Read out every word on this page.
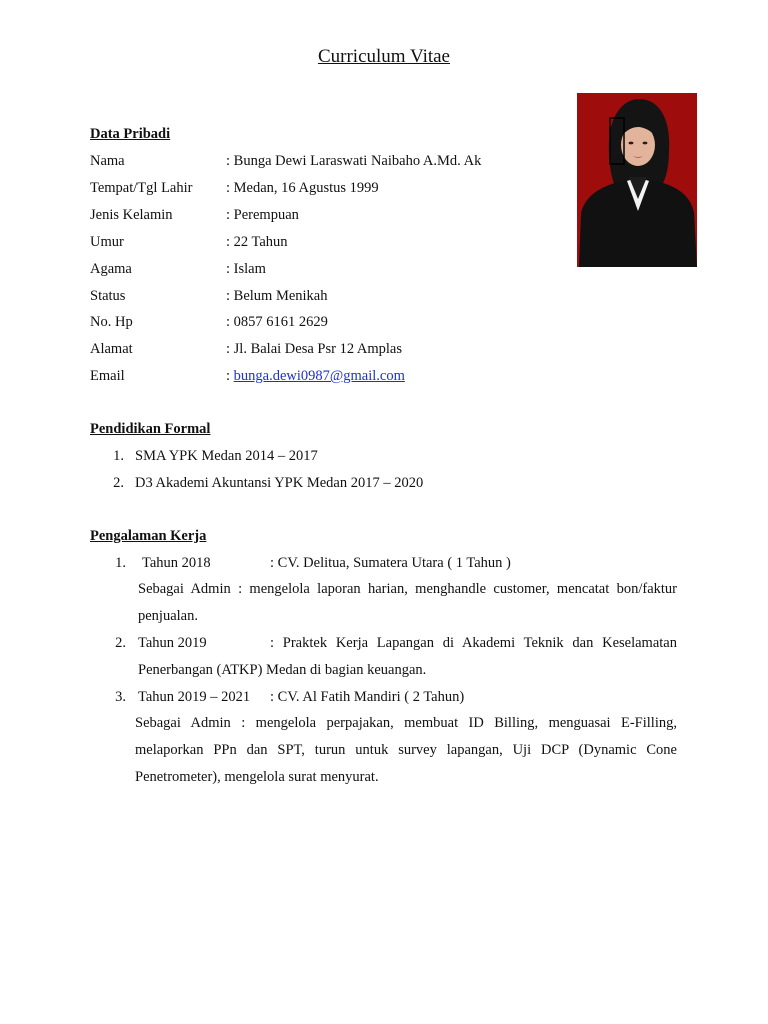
Curriculum Vitae
Data Pribadi
Nama	: Bunga Dewi Laraswati Naibaho A.Md. Ak
Tempat/Tgl Lahir : Medan, 16 Agustus 1999
Jenis Kelamin	: Perempuan
Umur	: 22 Tahun
Agama	: Islam
Status	: Belum Menikah
No. Hp	: 0857 6161 2629
Alamat	: Jl. Balai Desa Psr 12 Amplas
Email	: bunga.dewi0987@gmail.com
Pendidikan Formal
1. SMA YPK Medan 2014 – 2017
2. D3 Akademi Akuntansi YPK Medan 2017 – 2020
Pengalaman Kerja
1. Tahun 2018	: CV. Delitua, Sumatera Utara ( 1 Tahun )
Sebagai Admin : mengelola laporan harian, menghandle customer, mencatat bon/faktur penjualan.
2. Tahun 2019	: Praktek Kerja Lapangan di Akademi Teknik dan Keselamatan
Penerbangan (ATKP) Medan di bagian keuangan.
3. Tahun 2019 – 2021 : CV. Al Fatih Mandiri ( 2 Tahun)
Sebagai Admin : mengelola perpajakan, membuat ID Billing, menguasai E-Filling, melaporkan PPn dan SPT, turun untuk survey lapangan, Uji DCP (Dynamic Cone Penetrometer), mengelola surat menyurat.
